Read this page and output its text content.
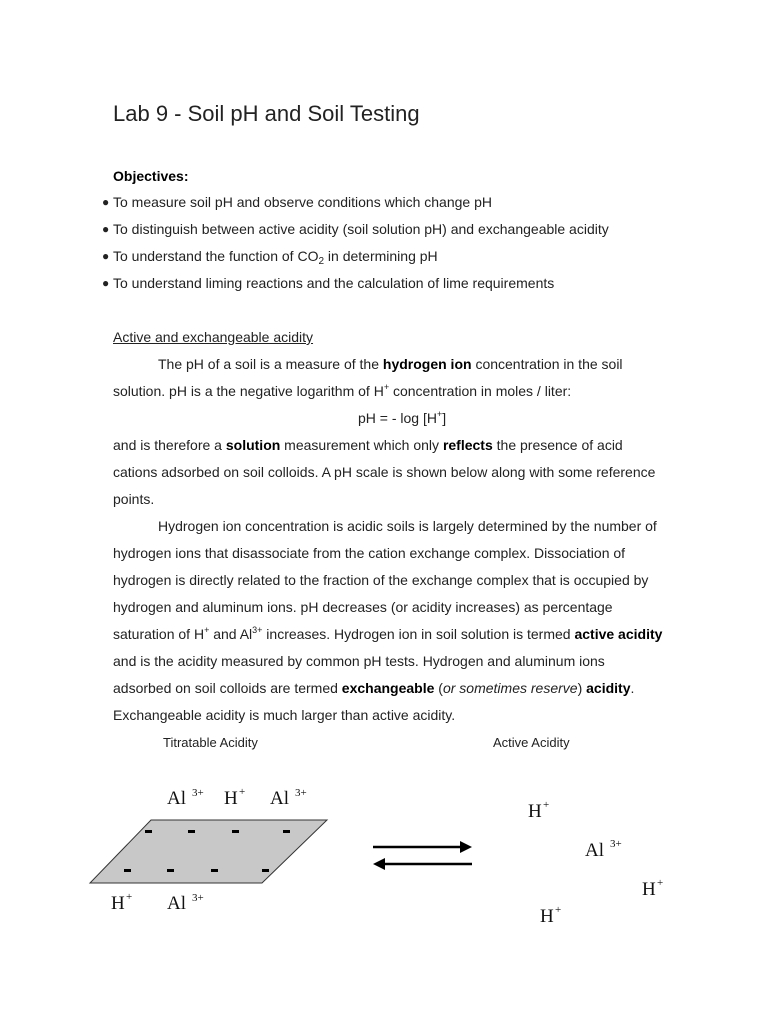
Lab 9 - Soil pH and Soil Testing
Objectives:
● To measure soil pH and observe conditions which change pH
● To distinguish between active acidity (soil solution pH) and exchangeable acidity
● To understand the function of $CO_2$ in determining pH
● To understand liming reactions and the calculation of lime requirements
Active and exchangeable acidity
The pH of a soil is a measure of the hydrogen ion concentration in the soil
solution. pH is a the negative logarithm of H+ concentration in moles / liter:
pH = - log [H+]
and is therefore a solution measurement which only reflects the presence of acid
cations adsorbed on soil colloids. A pH scale is shown below along with some reference
points.
Hydrogen ion concentration is acidic soils is largely determined by the number of
hydrogen ions that disassociate from the cation exchange complex. Dissociation of
hydrogen is directly related to the fraction of the exchange complex that is occupied by
hydrogen and aluminum ions. pH decreases (or acidity increases) as percentage
saturation of H+ and $Al^{3+}$ increases. Hydrogen ion in soil solution is termed active acidity
and is the acidity measured by common pH tests. Hydrogen and aluminum ions
adsorbed on soil colloids are termed exchangeable (or sometimes reserve) acidity.
Exchangeable acidity is much larger than active acidity.
Titratable Acidity	Active Acidity
Al 3+ H + Al 3+
H + Al 3+
H +
Al 3+
H +
H +
